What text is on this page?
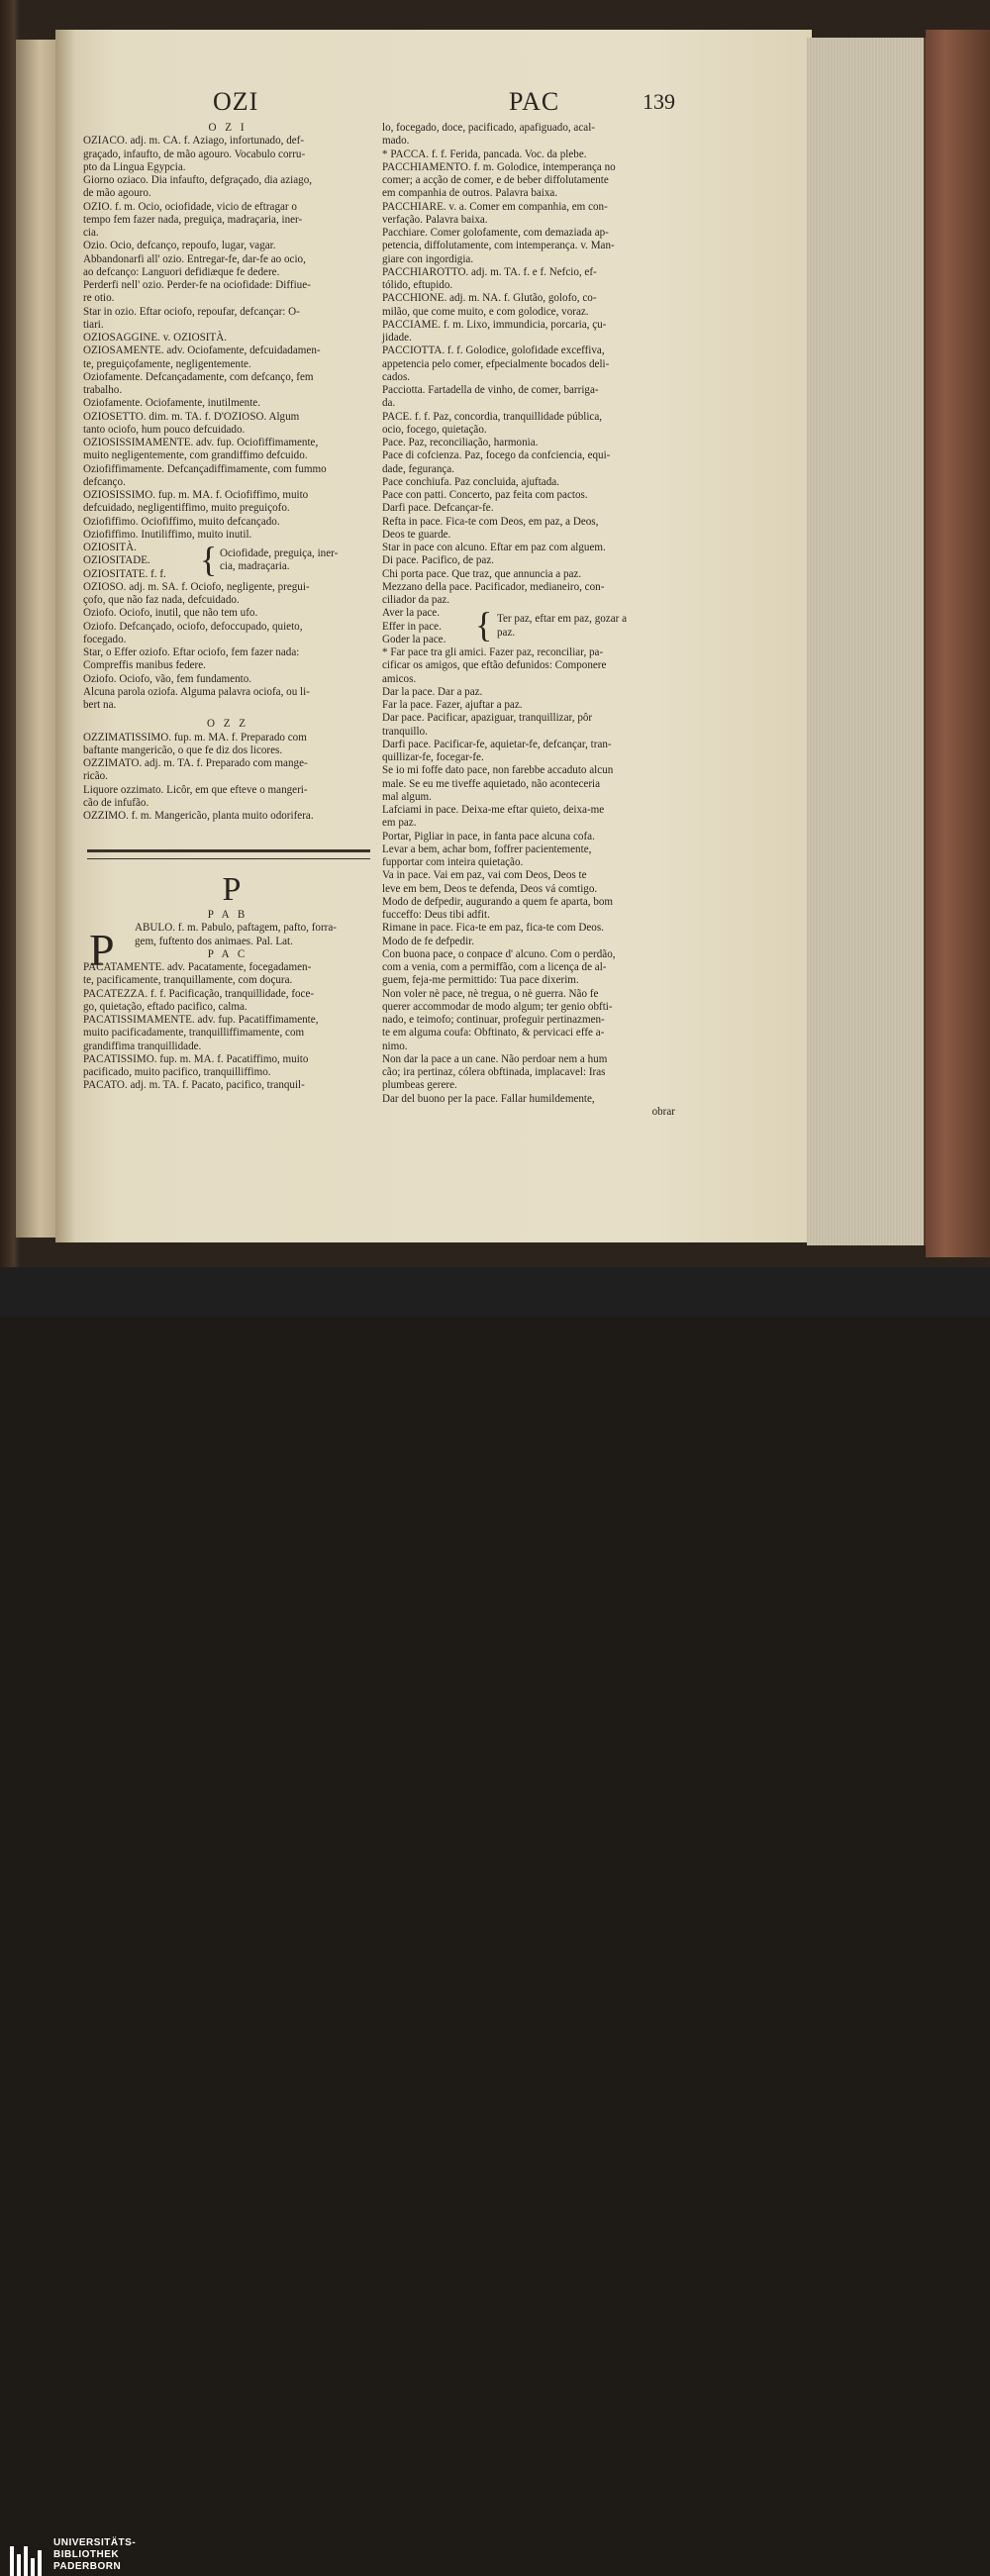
OZI	PAC	139
O Z I
OZIACO. adj. m. CA. f. Aziago, infortunado, def-
graçado, infaufto, de mão agouro. Vocabulo corru-
pto da Lingua Egypcia.
Giorno oziaco. Dia infaufto, defgraçado, dia aziago,
de mão agouro.
OZIO. f. m. Ocio, ociofidade, vicio de eftragar o
tempo fem fazer nada, preguiça, madraçaria, iner-
cia.
Ozio. Ocio, defcanço, repoufo, lugar, vagar.
Abbandonarfi all' ozio. Entregar-fe, dar-fe ao ocio,
ao defcanço: Languori defidiæque fe dedere.
Perderfi nell' ozio. Perder-fe na ociofidade: Diffiue-
re otio.
Star in ozio. Eftar ociofo, repoufar, defcançar: O-
tiari.
OZIOSAGGINE. v. OZIOSITÀ.
OZIOSAMENTE. adv. Ociofamente, defcuidadamen-
te, preguiçofamente, negligentemente.
Oziofamente. Defcançadamente, com defcanço, fem
trabalho.
Oziofamente. Ociofamente, inutilmente.
OZIOSETTO. dim. m. TA. f. D'OZIOSO. Algum
tanto ociofo, hum pouco defcuidado.
OZIOSISSIMAMENTE. adv. fup. Ociofiffimamente,
muito negligentemente, com grandiffimo defcuido.
Oziofiffimamente. Defcançadiffimamente, com fummo
defcanço.
OZIOSISSIMO. fup. m. MA. f. Ociofiffimo, muito
defcuidado, negligentiffimo, muito preguiçofo.
Oziofiffimo. Ociofiffimo, muito defcançado.
Oziofiffimo. Inutiliffimo, muito inutil.
OZIOSITÀ.
OZIOSITADE.
OZIOSITATE. f. f. { Ociofidade, preguiça, iner-
cia, madraçaria.
OZIOSO. adj. m. SA. f. Ociofo, negligente, pregui-
çofo, que não faz nada, defcuidado.
Oziofo. Ociofo, inutil, que não tem ufo.
Oziofo. Defcançado, ociofo, defoccupado, quieto,
focegado.
Star, o Effer oziofo. Eftar ociofo, fem fazer nada:
Compreffis manibus federe.
Oziofo. Ociofo, vão, fem fundamento.
Alcuna parola oziofa. Alguma palavra ociofa, ou li-
bert na.
O Z Z
OZZIMATISSIMO. fup. m. MA. f. Preparado com
baftante mangericão, o que fe diz dos licores.
OZZIMATO. adj. m. TA. f. Preparado com mange-
ricão.
Liquore ozzimato. Licôr, em que efteve o mangeri-
cão de infufão.
OZZIMO. f. m. Mangericão, planta muito odorifera.
P
P A B
ABULO. f. m. Pabulo, paftagem, pafto, forra-
gem, fuftento dos animaes. Pal. Lat.
P A C
PACATAMENTE. adv. Pacatamente, focegadamen-
te, pacificamente, tranquillamente, com doçura.
PACATEZZA. f. f. Pacificação, tranquillidade, foce-
go, quietação, eftado pacifico, calma.
PACATISSIMAMENTE. adv. fup. Pacatiffimamente,
muito pacificadamente, tranquilliffimamente, com
grandiffima tranquillidade.
PACATISSIMO. fup. m. MA. f. Pacatiffimo, muito
pacificado, muito pacifico, tranquilliffimo.
PACATO. adj. m. TA. f. Pacato, pacifico, tranquil-
P
lo, focegado, doce, pacificado, apafiguado, acal-
mado.
* PACCA. f. f. Ferida, pancada. Voc. da plebe.
PACCHIAMENTO. f. m. Golodice, intemperança no
comer; a acção de comer, e de beber diffolutamente
em companhia de outros. Palavra baixa.
PACCHIARE. v. a. Comer em companhia, em con-
verfação. Palavra baixa.
Pacchiare. Comer golofamente, com demaziada ap-
petencia, diffolutamente, com intemperança. v. Man-
giare con ingordigia.
PACCHIAROTTO. adj. m. TA. f. e f. Nefcio, ef-
tólido, eftupido.
PACCHIONE. adj. m. NA. f. Glutão, golofo, co-
milão, que come muito, e com golodice, voraz.
PACCIAME. f. m. Lixo, immundicia, porcaria, çu-
jidade.
PACCIOTTA. f. f. Golodice, golofidade exceffiva,
appetencia pelo comer, efpecialmente bocados deli-
cados.
Pacciotta. Fartadella de vinho, de comer, barriga-
da.
PACE. f. f. Paz, concordia, tranquillidade pública,
ocio, focego, quietação.
Pace. Paz, reconciliação, harmonia.
Pace di cofcienza. Paz, focego da confciencia, equi-
dade, fegurança.
Pace conchiufa. Paz concluida, ajuftada.
Pace con patti. Concerto, paz feita com pactos.
Darfi pace. Defcançar-fe.
Refta in pace. Fica-te com Deos, em paz, a Deos,
Deos te guarde.
Star in pace con alcuno. Eftar em paz com alguem.
Di pace. Pacifico, de paz.
Chi porta pace. Que traz, que annuncia a paz.
Mezzano della pace. Pacificador, medianeiro, con-
ciliador da paz.
Aver la pace.
Effer in pace.
Goder la pace. { Ter paz, eftar em paz, gozar a
paz.
* Far pace tra gli amici. Fazer paz, reconciliar, pa-
cificar os amigos, que eftão defunidos: Componere
amicos.
Dar la pace. Dar a paz.
Far la pace. Fazer, ajuftar a paz.
Dar pace. Pacificar, apaziguar, tranquillizar, pôr
tranquillo.
Darfi pace. Pacificar-fe, aquietar-fe, defcançar, tran-
quillizar-fe, focegar-fe.
Se io mi foffe dato pace, non farebbe accaduto alcun
male. Se eu me tiveffe aquietado, não aconteceria
mal algum.
Lafciami in pace. Deixa-me eftar quieto, deixa-me
em paz.
Portar, Pigliar in pace, in fanta pace alcuna cofa.
Levar a bem, achar bom, foffrer pacientemente,
fupportar com inteira quietação.
Va in pace. Vai em paz, vai com Deos, Deos te
leve em bem, Deos te defenda, Deos vá comtigo.
Modo de defpedir, augurando a quem fe aparta, bom
fucceffo: Deus tibi adfit.
Rimane in pace. Fica-te em paz, fica-te com Deos.
Modo de fe defpedir.
Con buona pace, o conpace d' alcuno. Com o perdão,
com a venia, com a permiffão, com a licença de al-
guem, feja-me permittido: Tua pace dixerim.
Non voler nè pace, nè tregua, o nè guerra. Não fe
querer accommodar de modo algum; ter genio obfti-
nado, e teimofo; continuar, profeguir pertinazmen-
te em alguma coufa: Obftinato, & pervicaci effe a-
nimo.
Non dar la pace a un cane. Não perdoar nem a hum
cão; ira pertinaz, cólera obftinada, implacavel: Iras
plumbeas gerere.
Dar del buono per la pace. Fallar humildemente,
obrar
UNIVERSITÄTS-
BIBLIOTHEK
PADERBORN
